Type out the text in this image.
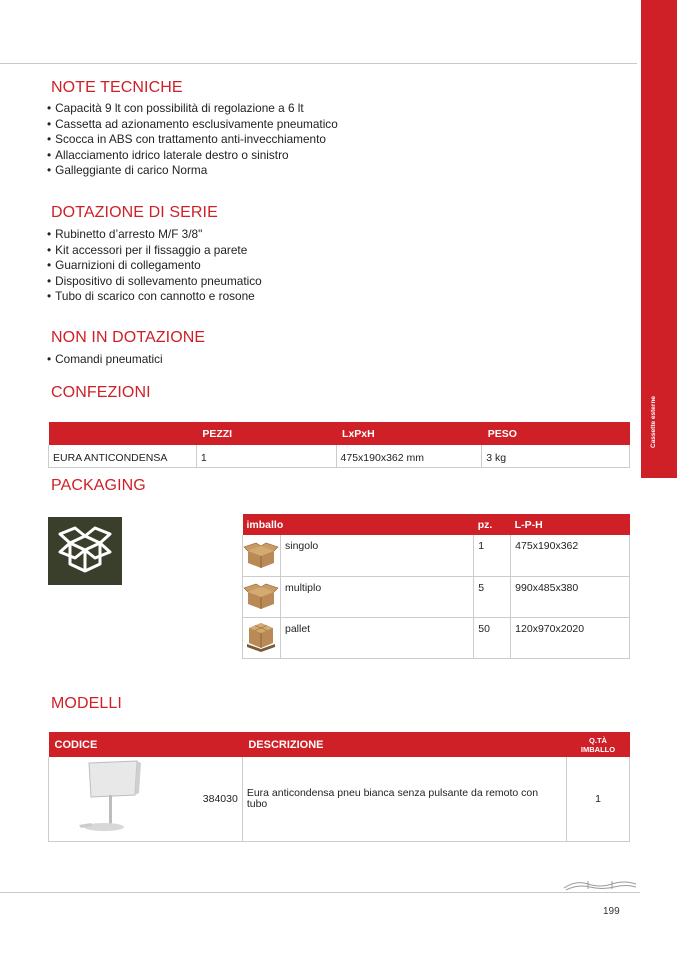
NOTE TECNICHE
• Capacità 9 lt con possibilità di regolazione a 6 lt
• Cassetta ad azionamento esclusivamente pneumatico
• Scocca in ABS con trattamento anti-invecchiamento
• Allacciamento idrico laterale destro o sinistro
• Galleggiante di carico Norma
DOTAZIONE DI SERIE
• Rubinetto d’arresto M/F 3/8"
• Kit accessori per il fissaggio a parete
• Guarnizioni di collegamento
• Dispositivo di sollevamento pneumatico
• Tubo di scarico con cannotto e rosone
NON IN DOTAZIONE
• Comandi pneumatici
CONFEZIONI
	PEZZI	LxPxH	PESO
EURA ANTICONDENSA	1	475x190x362 mm	3 kg
PACKAGING
imballo		pz.	L-P-H
	singolo	1	475x190x362
	multiplo	5	990x485x380
	pallet	50	120x970x2020
MODELLI
CODICE		DESCRIZIONE	Q.TÀ
IMBALLO
	384030	Eura anticondensa pneu bianca senza pulsante da remoto con tubo	1
199
